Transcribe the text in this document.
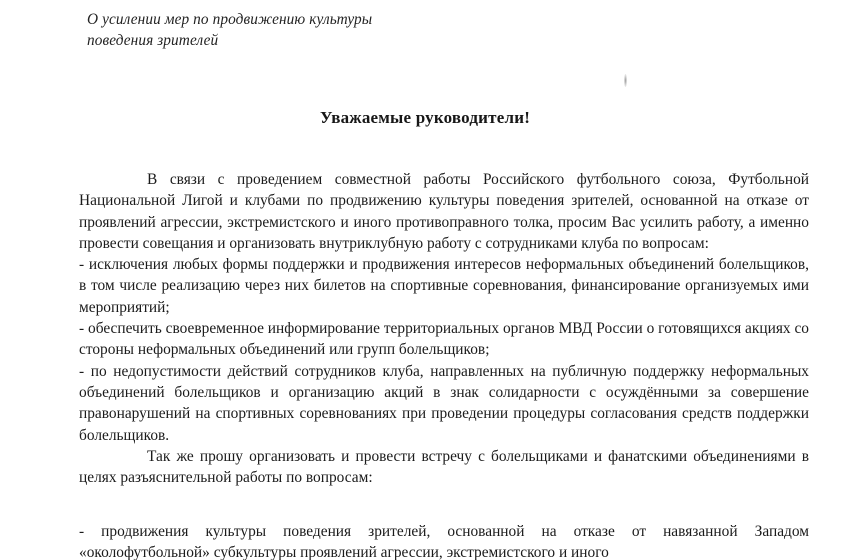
О усилении мер по продвижению культуры
поведения зрителей
Уважаемые руководители!

В связи с проведением совместной работы Российского футбольного союза, Футбольной Национальной Лигой и клубами по продвижению культуры поведения зрителей, основанной на отказе от проявлений агрессии, экстремистского и иного противоправного толка, просим Вас усилить работу, а именно провести совещания и организовать внутриклубную работу с сотрудниками клуба по вопросам:

- исключения любых формы поддержки и продвижения интересов неформальных объединений болельщиков, в том числе реализацию через них билетов на спортивные соревнования, финансирование организуемых ими мероприятий;

- обеспечить своевременное информирование территориальных органов МВД России о готовящихся акциях со стороны неформальных объединений или групп болельщиков;

- по недопустимости действий сотрудников клуба, направленных на публичную поддержку неформальных объединений болельщиков и организацию акций в знак солидарности с осуждёнными за совершение правонарушений на спортивных соревнованиях при проведении процедуры согласования средств поддержки болельщиков.

Так же прошу организовать и провести встречу с болельщиками и фанатскими объединениями в целях разъяснительной работы по вопросам:

- продвижения культуры поведения зрителей, основанной на отказе от навязанной Западом «околофутбольной» субкультуры проявлений агрессии, экстремистского и иного
